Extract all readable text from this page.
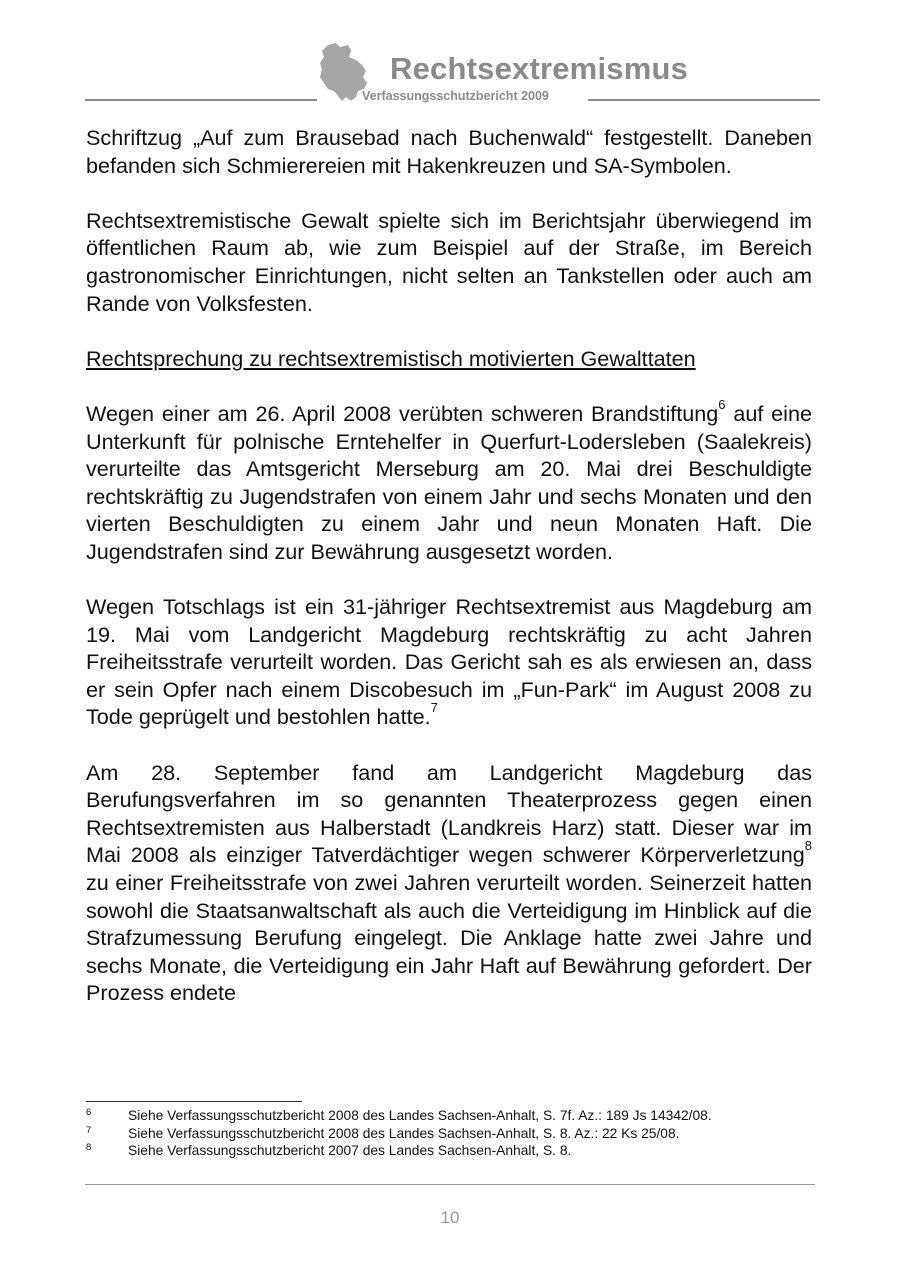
Rechtsextremismus
Verfassungsschutzbericht 2009

Schriftzug „Auf zum Brausebad nach Buchenwald“ festgestellt. Daneben befanden sich Schmierereien mit Hakenkreuzen und SA-Symbolen.

Rechtsextremistische Gewalt spielte sich im Berichtsjahr überwiegend im öffentlichen Raum ab, wie zum Beispiel auf der Straße, im Bereich gastronomischer Einrichtungen, nicht selten an Tankstellen oder auch am Rande von Volksfesten.

Rechtsprechung zu rechtsextremistisch motivierten Gewalttaten

Wegen einer am 26. April 2008 verübten schweren Brandstiftung$^6$ auf eine Unterkunft für polnische Erntehelfer in Querfurt-Lodersleben (Saalekreis) verurteilte das Amtsgericht Merseburg am 20. Mai drei Beschuldigte rechtskräftig zu Jugendstrafen von einem Jahr und sechs Monaten und den vierten Beschuldigten zu einem Jahr und neun Monaten Haft. Die Jugendstrafen sind zur Bewährung ausgesetzt worden.

Wegen Totschlags ist ein 31-jähriger Rechtsextremist aus Magdeburg am 19. Mai vom Landgericht Magdeburg rechtskräftig zu acht Jahren Freiheitsstrafe verurteilt worden. Das Gericht sah es als erwiesen an, dass er sein Opfer nach einem Discobesuch im „Fun-Park“ im August 2008 zu Tode geprügelt und bestohlen hatte.$^7$

Am 28. September fand am Landgericht Magdeburg das Berufungsverfahren im so genannten Theaterprozess gegen einen Rechtsextremisten aus Halberstadt (Landkreis Harz) statt. Dieser war im Mai 2008 als einziger Tatverdächtiger wegen schwerer Körperverletzung$^8$ zu einer Freiheitsstrafe von zwei Jahren verurteilt worden. Seinerzeit hatten sowohl die Staatsanwaltschaft als auch die Verteidigung im Hinblick auf die Strafzumessung Berufung eingelegt. Die Anklage hatte zwei Jahre und sechs Monate, die Verteidigung ein Jahr Haft auf Bewährung gefordert. Der Prozess endete

6	Siehe Verfassungsschutzbericht 2008 des Landes Sachsen-Anhalt, S. 7f. Az.: 189 Js 14342/08.
7	Siehe Verfassungsschutzbericht 2008 des Landes Sachsen-Anhalt, S. 8. Az.: 22 Ks 25/08.
8	Siehe Verfassungsschutzbericht 2007 des Landes Sachsen-Anhalt, S. 8.
10
